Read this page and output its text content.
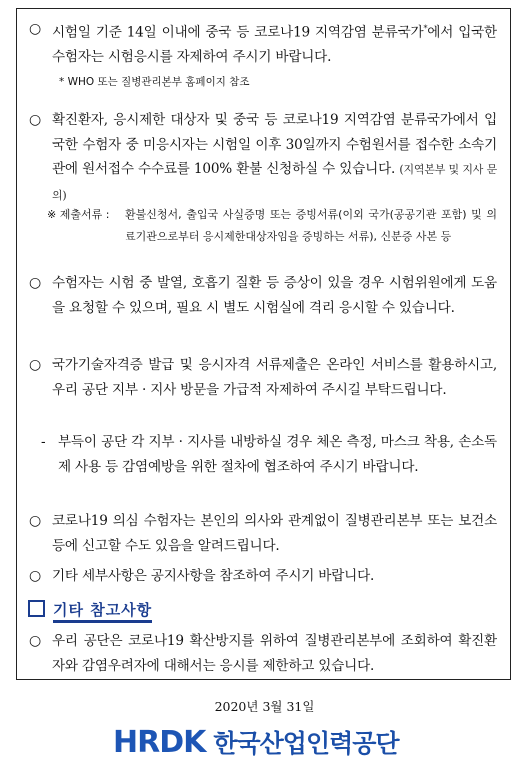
○ 시험일 기준 14일 이내에 중국 등 코로나19 지역감염 분류국가*에서 입국한 수험자는 시험응시를 자제하여 주시기 바랍니다.
* WHO 또는 질병관리본부 홈페이지 참조
○ 확진환자, 응시제한 대상자 및 중국 등 코로나19 지역감염 분류국가에서 입국한 수험자 중 미응시자는 시험일 이후 30일까지 수험원서를 접수한 소속기관에 원서접수 수수료를 100% 환불 신청하실 수 있습니다. (지역본부 및 지사 문의)
※ 제출서류 : 환불신청서, 출입국 사실증명 또는 증빙서류(이외 국가(공공기관 포함) 및 의료기관으로부터 응시제한대상자임을 증빙하는 서류), 신분증 사본 등
○ 수험자는 시험 중 발열, 호흡기 질환 등 증상이 있을 경우 시험위원에게 도움을 요청할 수 있으며, 필요 시 별도 시험실에 격리 응시할 수 있습니다.
○ 국가기술자격증 발급 및 응시자격 서류제출은 온라인 서비스를 활용하시고, 우리 공단 지부 · 지사 방문을 가급적 자제하여 주시길 부탁드립니다.
- 부득이 공단 각 지부 · 지사를 내방하실 경우 체온 측정, 마스크 착용, 손소독제 사용 등 감염예방을 위한 절차에 협조하여 주시기 바랍니다.
○ 코로나19 의심 수험자는 본인의 의사와 관계없이 질병관리본부 또는 보건소 등에 신고할 수도 있음을 알려드립니다.
○ 기타 세부사항은 공지사항을 참조하여 주시기 바랍니다.
기타 참고사항
○ 우리 공단은 코로나19 확산방지를 위하여 질병관리본부에 조회하여 확진환자와 감염우려자에 대해서는 응시를 제한하고 있습니다.
2020년 3월 31일
HRDK 한국산업인력공단
